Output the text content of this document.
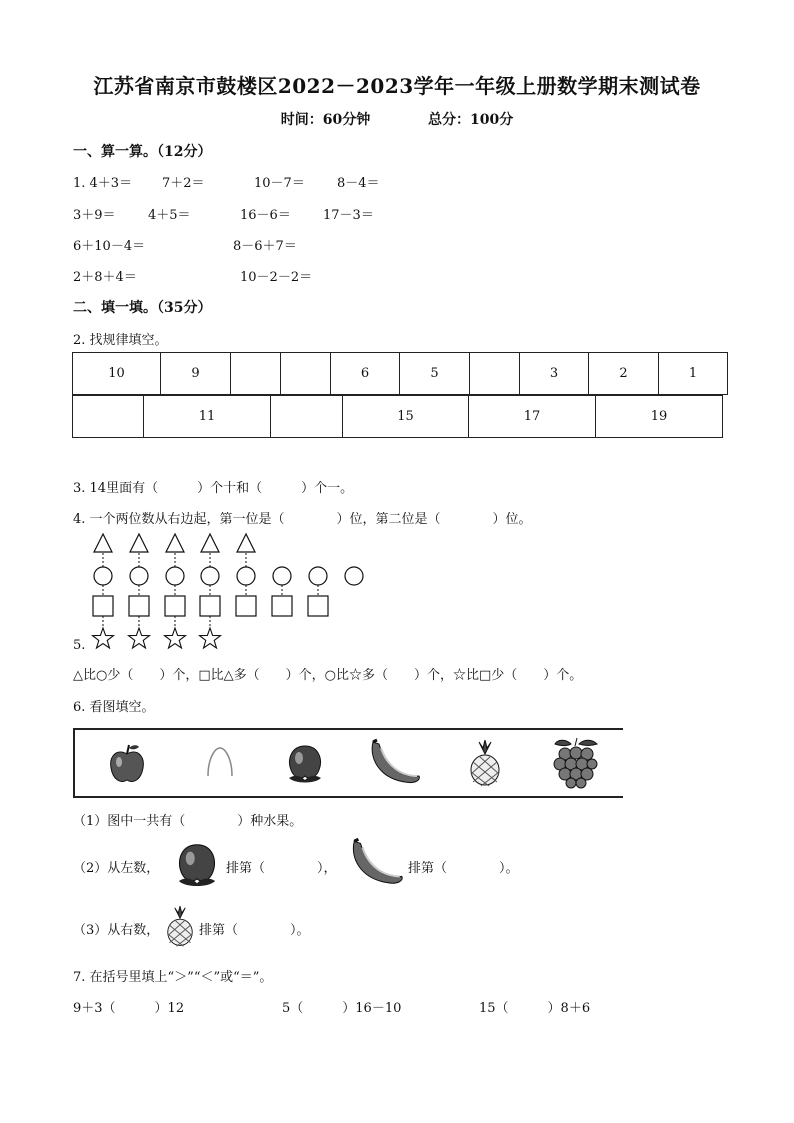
江苏省南京市鼓楼区2022－2023学年一年级上册数学期末测试卷
时间：60分钟	总分：100分
一、算一算。（12分）
1. 4＋3＝ 7＋2＝	10－7＝ 8－4＝
3＋9＝ 4＋5＝	16－6＝ 17－3＝
6＋10－4＝	8－6＋7＝
2＋8＋4＝	10－2－2＝
二、填一填。（35分）
2. 找规律填空。
10	9			6	5		3	2	1
	11		15	17	19
3. 14里面有（　　　）个十和（　　　）个一。
4. 一个两位数从右边起，第一位是（　　　　）位，第二位是（　　　　）位。
5.
△比○少（　　）个，□比△多（　　）个，○比☆多（　　）个，☆比□少（　　）个。
6. 看图填空。
（1）图中一共有（　　　　）种水果。
（2）从左数，	排第（　　　　），	排第（　　　　）。
（3）从右数，	排第（　　　　）。
7. 在括号里填上“＞”“＜”或“＝”。
9＋3（　　　）12	5（　　　）16－10	15（　　　）8＋6
